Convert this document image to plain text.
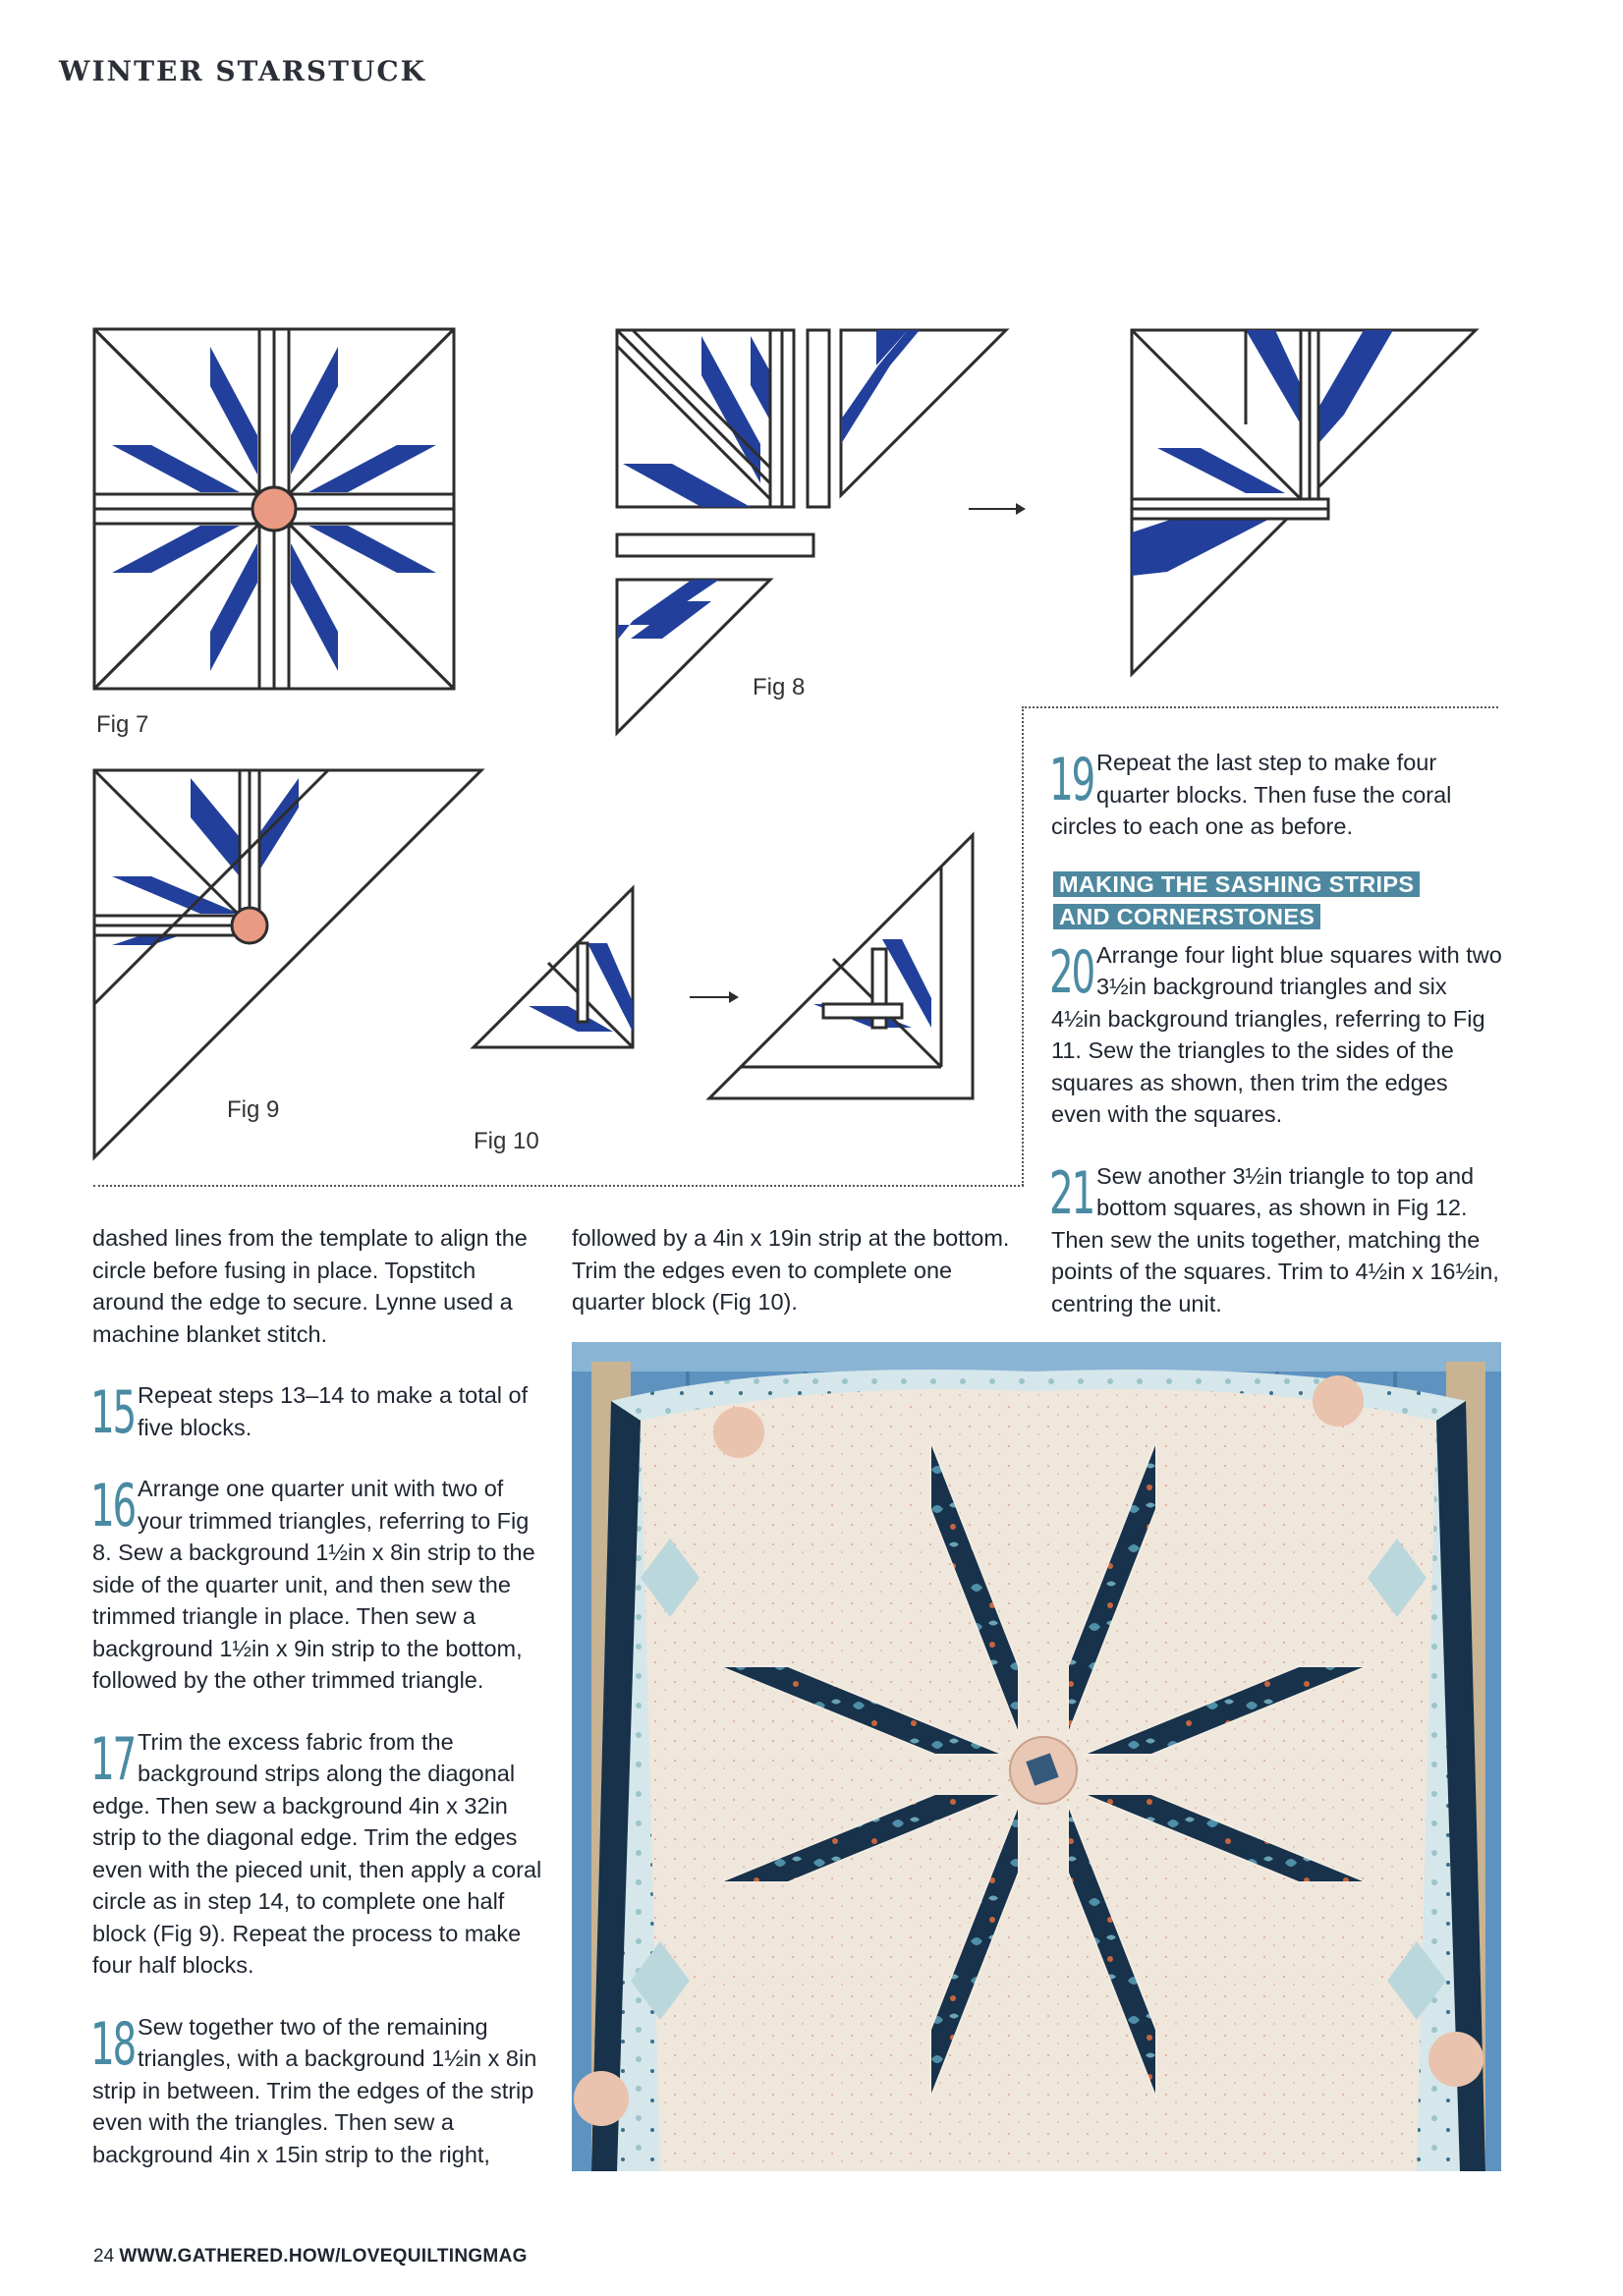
WINTER STARSTUCK
Fig 7
Fig 8
Fig 9
Fig 10
19 Repeat the last step to make four quarter blocks. Then fuse the coral circles to each one as before.
MAKING THE SASHING STRIPS
AND CORNERSTONES
20 Arrange four light blue squares with two 3½in background triangles and six 4½in background triangles, referring to Fig 11. Sew the triangles to the sides of the squares as shown, then trim the edges even with the squares.
21 Sew another 3½in triangle to top and bottom squares, as shown in Fig 12. Then sew the units together, matching the points of the squares. Trim to 4½in x 16½in, centring the unit.

dashed lines from the template to align the circle before fusing in place. Topstitch around the edge to secure. Lynne used a machine blanket stitch.

15 Repeat steps 13–14 to make a total of five blocks.
16 Arrange one quarter unit with two of your trimmed triangles, referring to Fig 8. Sew a background 1½in x 8in strip to the side of the quarter unit, and then sew the trimmed triangle in place. Then sew a background 1½in x 9in strip to the bottom, followed by the other trimmed triangle.
17 Trim the excess fabric from the background strips along the diagonal edge. Then sew a background 4in x 32in strip to the diagonal edge. Trim the edges even with the pieced unit, then apply a coral circle as in step 14, to complete one half block (Fig 9). Repeat the process to make four half blocks.
18 Sew together two of the remaining triangles, with a background 1½in x 8in strip in between. Trim the edges of the strip even with the triangles. Then sew a background 4in x 15in strip to the right,

followed by a 4in x 19in strip at the bottom. Trim the edges even to complete one quarter block (Fig 10).

24 WWW.GATHERED.HOW/LOVEQUILTINGMAG
